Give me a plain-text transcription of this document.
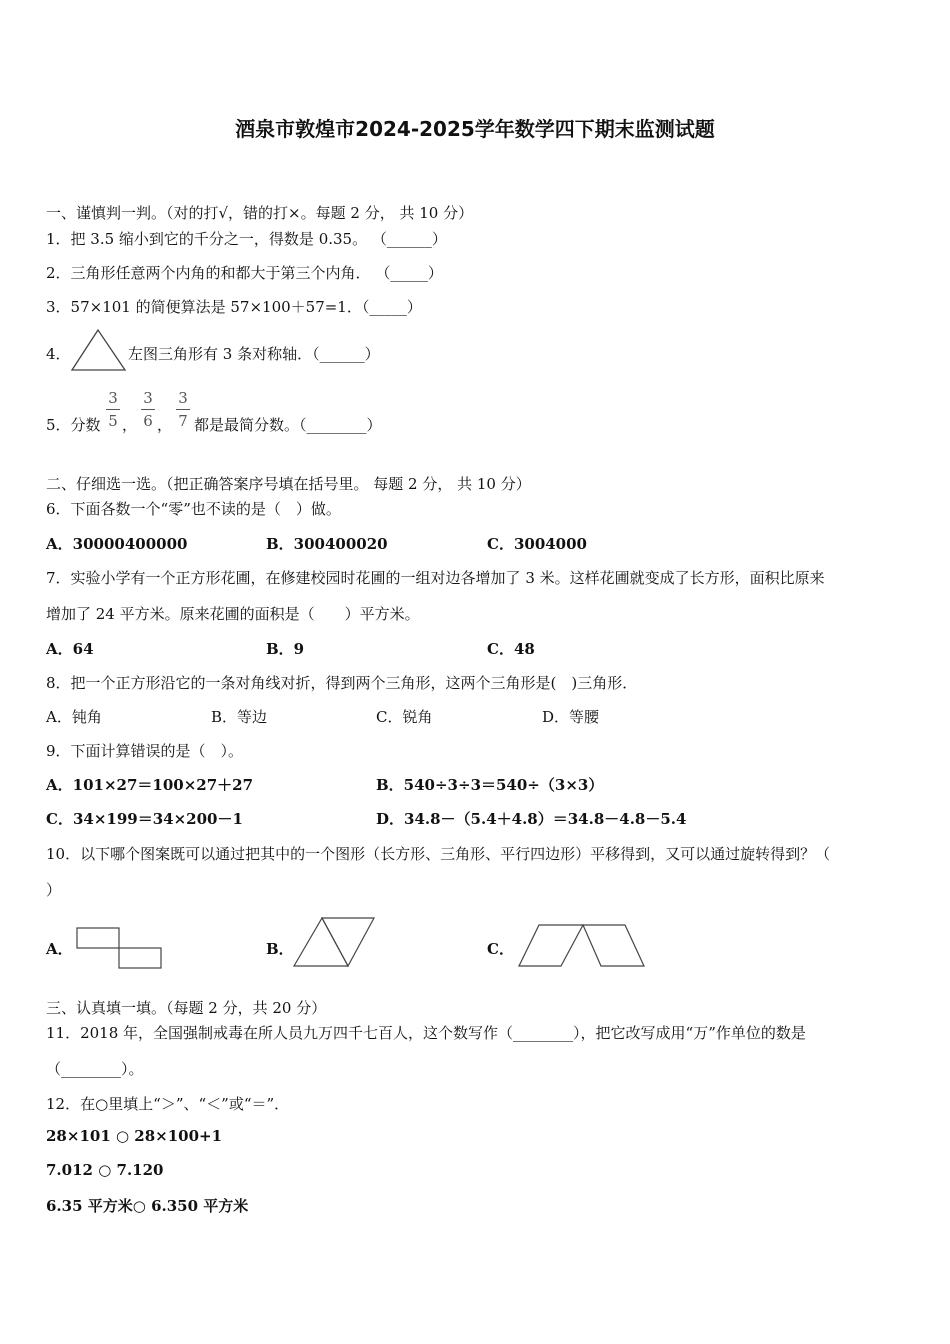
酒泉市敦煌市2024-2025学年数学四下期末监测试题
一、谨慎判一判。（对的打√，错的打×。每题 2 分， 共 10 分）
1．把 3.5 缩小到它的千分之一，得数是 0.35。 （______）
2．三角形任意两个内角的和都大于第三个内角． （_____）
3．57×101 的简便算法是 57×100＋57=1．（_____）
4．	左图三角形有 3 条对称轴．（______）
5．分数
3
5 ，
3
6 ，
3
7 都是最简分数。（________）
二、仔细选一选。（把正确答案序号填在括号里。 每题 2 分， 共 10 分）
6．下面各数一个“零”也不读的是（　）做。
A．30000400000	B．300400020	C．3004000
7．实验小学有一个正方形花圃，在修建校园时花圃的一组对边各增加了 3 米。这样花圃就变成了长方形，面积比原来
增加了 24 平方米。原来花圃的面积是（　　）平方米。
A．64	B．9	C．48
8．把一个正方形沿它的一条对角线对折，得到两个三角形，这两个三角形是(　)三角形．
A．钝角	B．等边	C．锐角	D．等腰
9．下面计算错误的是（　）。
A．101×27＝100×27＋27	B．540÷3÷3＝540÷（3×3）
C．34×199＝34×200－1	D．34.8－（5.4＋4.8）＝34.8－4.8－5.4
10．以下哪个图案既可以通过把其中的一个图形（长方形、三角形、平行四边形）平移得到，又可以通过旋转得到？（
）
A．	B．	C．
三、认真填一填。（每题 2 分，共 20 分）
11．2018 年，全国强制戒毒在所人员九万四千七百人，这个数写作（________），把它改写成用“万”作单位的数是
（________）。
12．在○里填上“＞”、“＜”或“＝”．
28×101 ○ 28×100+1
7.012 ○ 7.120
6.35 平方米○ 6.350 平方米
